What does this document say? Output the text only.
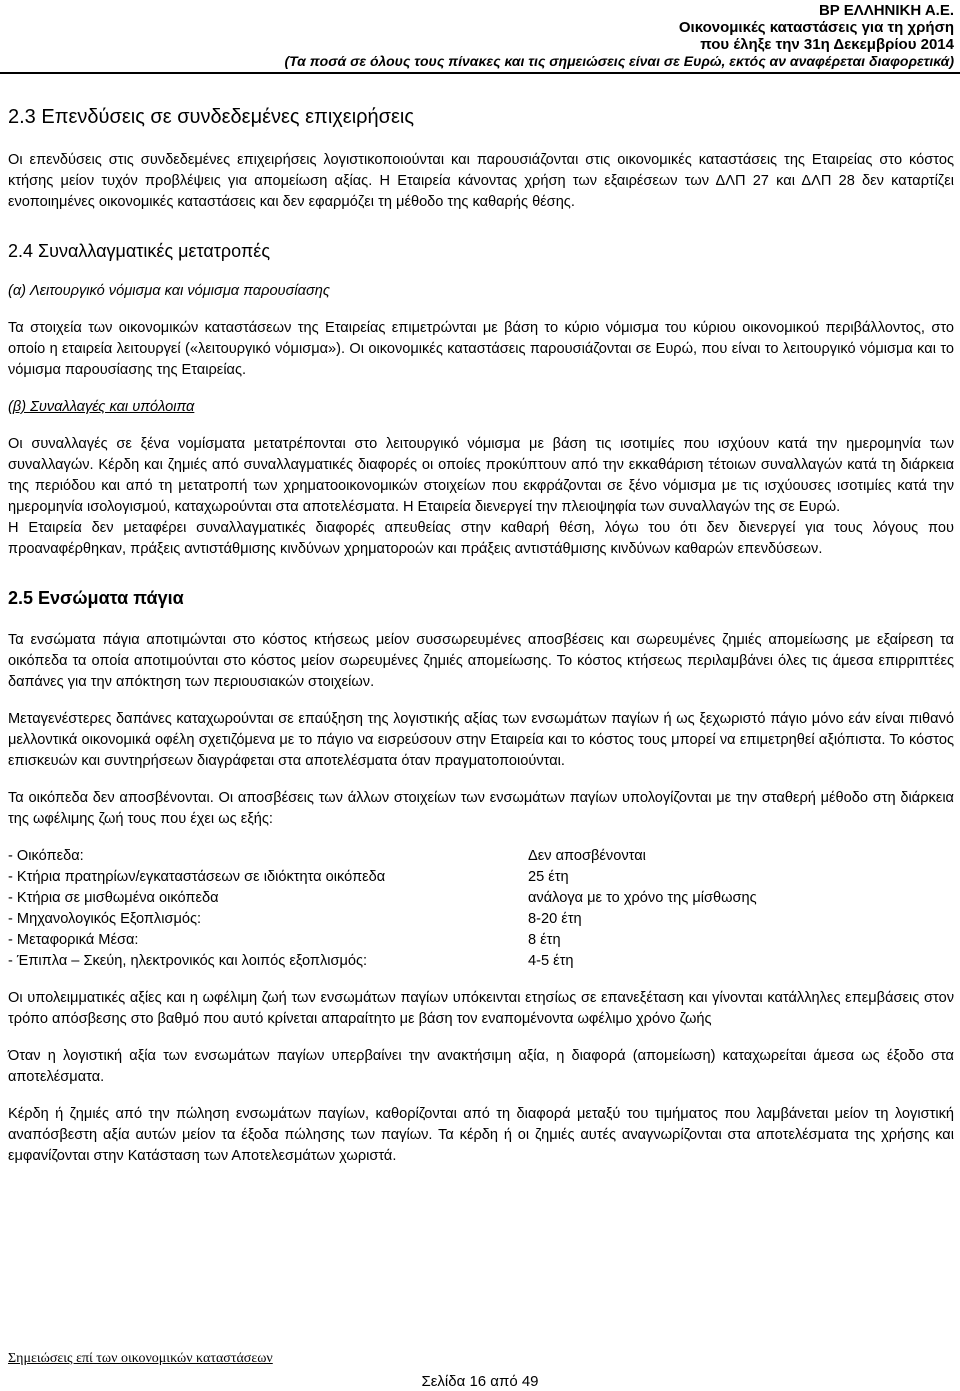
BP ΕΛΛΗΝΙΚΗ Α.Ε.
Οικονομικές καταστάσεις για τη χρήση
που έληξε την 31η Δεκεμβρίου 2014
(Τα ποσά σε όλους τους πίνακες και τις σημειώσεις είναι σε Ευρώ, εκτός αν αναφέρεται διαφορετικά)
2.3 Επενδύσεις σε συνδεδεμένες επιχειρήσεις

Οι επενδύσεις στις συνδεδεμένες επιχειρήσεις λογιστικοποιούνται και παρουσιάζονται στις οικονομικές καταστάσεις της Εταιρείας στο κόστος κτήσης μείον τυχόν προβλέψεις για απομείωση αξίας. Η Εταιρεία κάνοντας χρήση των εξαιρέσεων των ΔΛΠ 27 και ΔΛΠ 28 δεν καταρτίζει ενοποιημένες οικονομικές καταστάσεις και δεν εφαρμόζει τη μέθοδο της καθαρής θέσης.

2.4 Συναλλαγματικές μετατροπές

(α) Λειτουργικό νόμισμα και νόμισμα παρουσίασης

Τα στοιχεία των οικονομικών καταστάσεων της Εταιρείας επιμετρώνται με βάση το κύριο νόμισμα του κύριου οικονομικού περιβάλλοντος, στο οποίο η εταιρεία λειτουργεί («λειτουργικό νόμισμα»). Οι οικονομικές καταστάσεις παρουσιάζονται σε Ευρώ, που είναι το λειτουργικό νόμισμα και το νόμισμα παρουσίασης της Εταιρείας.

(β) Συναλλαγές και υπόλοιπα

Οι συναλλαγές σε ξένα νομίσματα μετατρέπονται στο λειτουργικό νόμισμα με βάση τις ισοτιμίες που ισχύουν κατά την ημερομηνία των συναλλαγών. Κέρδη και ζημιές από συναλλαγματικές διαφορές οι οποίες προκύπτουν από την εκκαθάριση τέτοιων συναλλαγών κατά τη διάρκεια της περιόδου και από τη μετατροπή των χρηματοοικονομικών στοιχείων που εκφράζονται σε ξένο νόμισμα με τις ισχύουσες ισοτιμίες κατά την ημερομηνία ισολογισμού, καταχωρούνται στα αποτελέσματα. Η Εταιρεία διενεργεί την πλειοψηφία των συναλλαγών της σε Ευρώ.

Η Εταιρεία δεν μεταφέρει συναλλαγματικές διαφορές απευθείας στην καθαρή θέση, λόγω του ότι δεν διενεργεί για τους λόγους που προαναφέρθηκαν, πράξεις αντιστάθμισης κινδύνων χρηματοροών και πράξεις αντιστάθμισης κινδύνων καθαρών επενδύσεων.

2.5 Ενσώματα πάγια

Τα ενσώματα πάγια αποτιμώνται στο κόστος κτήσεως μείον συσσωρευμένες αποσβέσεις και σωρευμένες ζημιές απομείωσης με εξαίρεση τα οικόπεδα τα οποία αποτιμούνται στο κόστος μείον σωρευμένες ζημιές απομείωσης. Το κόστος κτήσεως περιλαμβάνει όλες τις άμεσα επιρριπτέες δαπάνες για την απόκτηση των περιουσιακών στοιχείων.

Μεταγενέστερες δαπάνες καταχωρούνται σε επαύξηση της λογιστικής αξίας των ενσωμάτων παγίων ή ως ξεχωριστό πάγιο μόνο εάν είναι πιθανό μελλοντικά οικονομικά οφέλη σχετιζόμενα με το πάγιο να εισρεύσουν στην Εταιρεία και το κόστος τους μπορεί να επιμετρηθεί αξιόπιστα. Το κόστος επισκευών και συντηρήσεων διαγράφεται στα αποτελέσματα όταν πραγματοποιούνται.

Τα οικόπεδα δεν αποσβένονται. Οι αποσβέσεις των άλλων στοιχείων των ενσωμάτων παγίων υπολογίζονται με την σταθερή μέθοδο στη διάρκεια της ωφέλιμης ζωή τους που έχει ως εξής:

- Οικόπεδα:	Δεν αποσβένονται
- Κτήρια πρατηρίων/εγκαταστάσεων σε ιδιόκτητα οικόπεδα	25 έτη
- Κτήρια σε μισθωμένα οικόπεδα	ανάλογα με το χρόνο της μίσθωσης
- Μηχανολογικός Εξοπλισμός:	8-20 έτη
- Μεταφορικά Μέσα:	8 έτη
- Έπιπλα – Σκεύη, ηλεκτρονικός και λοιπός εξοπλισμός:	4-5 έτη

Οι υπολειμματικές αξίες και η ωφέλιμη ζωή των ενσωμάτων παγίων υπόκεινται ετησίως σε επανεξέταση και γίνονται κατάλληλες επεμβάσεις στον τρόπο απόσβεσης στο βαθμό που αυτό κρίνεται απαραίτητο με βάση τον εναπομένοντα ωφέλιμο χρόνο ζωής

Όταν η λογιστική αξία των ενσωμάτων παγίων υπερβαίνει την ανακτήσιμη αξία, η διαφορά (απομείωση) καταχωρείται άμεσα ως έξοδο στα αποτελέσματα.

Κέρδη ή ζημιές από την πώληση ενσωμάτων παγίων, καθορίζονται από τη διαφορά μεταξύ του τιμήματος που λαμβάνεται μείον τη λογιστική αναπόσβεστη αξία αυτών μείον τα έξοδα πώλησης των παγίων. Τα κέρδη ή οι ζημιές αυτές αναγνωρίζονται στα αποτελέσματα της χρήσης και εμφανίζονται στην Κατάσταση των Αποτελεσμάτων χωριστά.

Σημειώσεις επί των οικονομικών καταστάσεων
Σελίδα 16 από 49
